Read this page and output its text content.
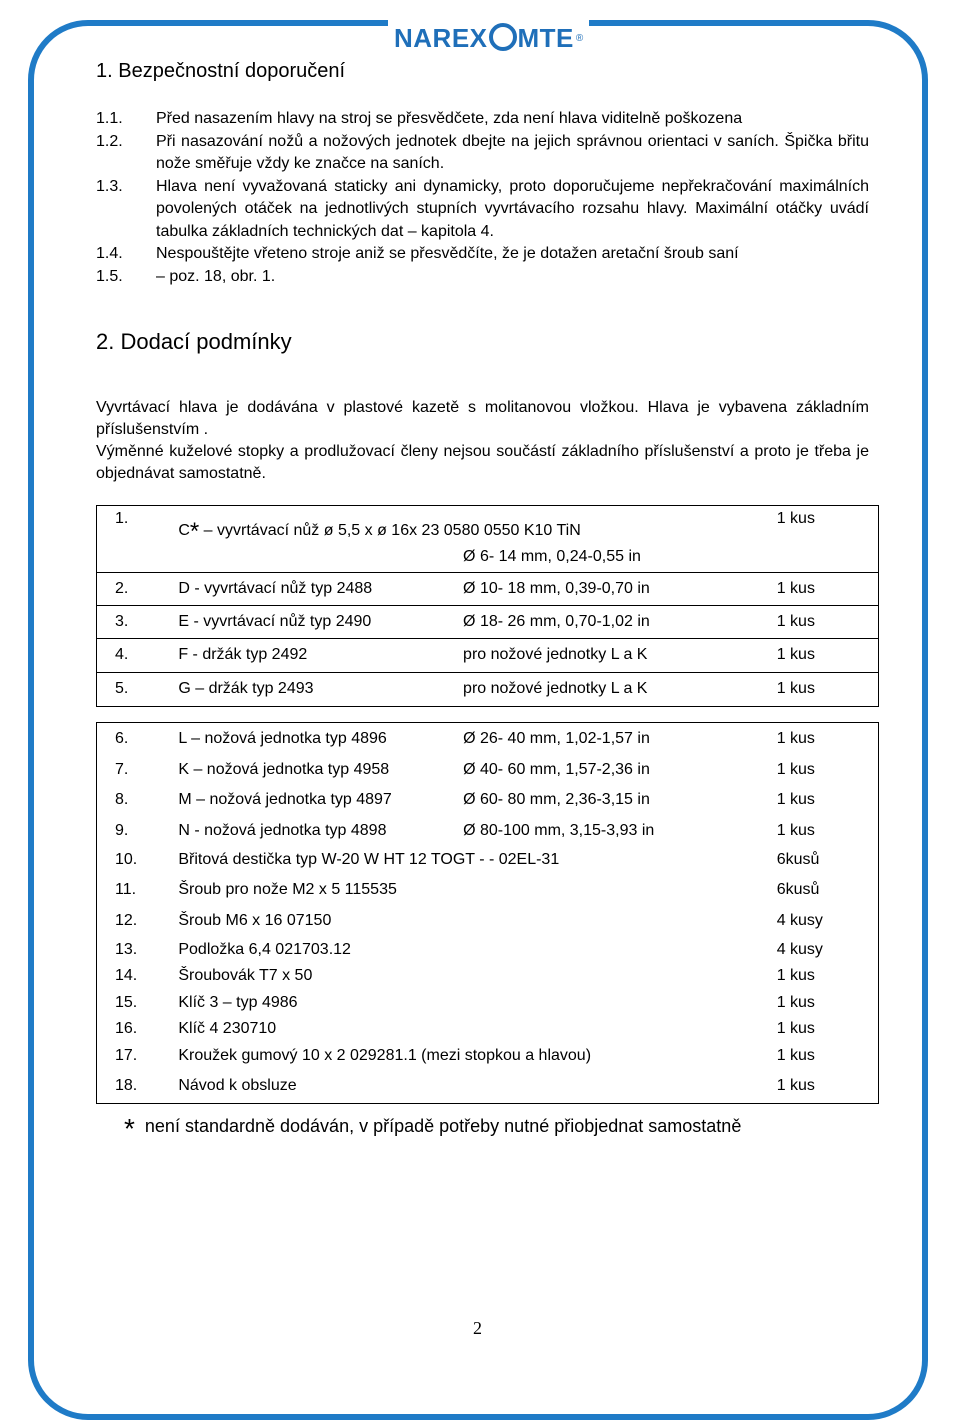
NAREX MTE ®
1. Bezpečnostní doporučení
1.1.	Před nasazením hlavy na stroj se přesvědčete, zda není hlava viditelně poškozena
1.2.	Při nasazování nožů a nožových jednotek dbejte na jejich správnou orientaci v saních. Špička břitu nože směřuje vždy ke značce na saních.
1.3.	Hlava není vyvažovaná staticky ani dynamicky, proto doporučujeme nepřekračování maximálních povolených otáček na jednotlivých stupních vyvrtávacího rozsahu hlavy. Maximální otáčky uvádí tabulka základních technických dat – kapitola 4.
1.4.	Nespouštějte vřeteno stroje aniž se přesvědčíte, že je dotažen aretační šroub saní
1.5.	– poz. 18, obr. 1.
2. Dodací podmínky
Vyvrtávací hlava je dodávána v plastové kazetě s molitanovou vložkou. Hlava je vybavena základním příslušenstvím .
Výměnné kuželové stopky a prodlužovací členy nejsou součástí základního příslušenství a proto je třeba je objednávat samostatně.
1.	C* – vyvrtávací nůž ø 5,5 x ø 16x 23 0580 0550 K10 TiN		1 kus
		Ø 6- 14 mm, 0,24-0,55 in	
2.	D - vyvrtávací nůž typ 2488	Ø 10- 18 mm, 0,39-0,70 in	1 kus
3.	E - vyvrtávací nůž typ 2490	Ø 18- 26 mm, 0,70-1,02 in	1 kus
4.	F - držák typ 2492	pro nožové jednotky L a K	1 kus
5.	G – držák typ 2493	pro nožové jednotky L a K	1 kus
6.	L – nožová jednotka typ 4896	Ø 26- 40 mm, 1,02-1,57 in	1 kus
7.	K – nožová jednotka typ 4958	Ø 40- 60 mm, 1,57-2,36 in	1 kus
8.	M – nožová jednotka typ 4897	Ø 60- 80 mm, 2,36-3,15 in	1 kus
9.	N - nožová jednotka typ 4898	Ø 80-100 mm, 3,15-3,93 in	1 kus
10.	Břitová destička typ W-20 W HT 12 TOGT - - 02EL-31		6kusů
11.	Šroub pro nože M2 x 5 115535		6kusů
12.	Šroub M6 x 16 07150		4 kusy
13.	Podložka 6,4 021703.12		4 kusy
14.	Šroubovák T7 x 50		1 kus
15.	Klíč 3 – typ 4986		1 kus
16.	Klíč 4 230710		1 kus
17.	Kroužek gumový 10 x 2 029281.1 (mezi stopkou a hlavou)		1 kus
18.	Návod k obsluze		1 kus
* není standardně dodáván, v případě potřeby nutné přiobjednat samostatně
2
